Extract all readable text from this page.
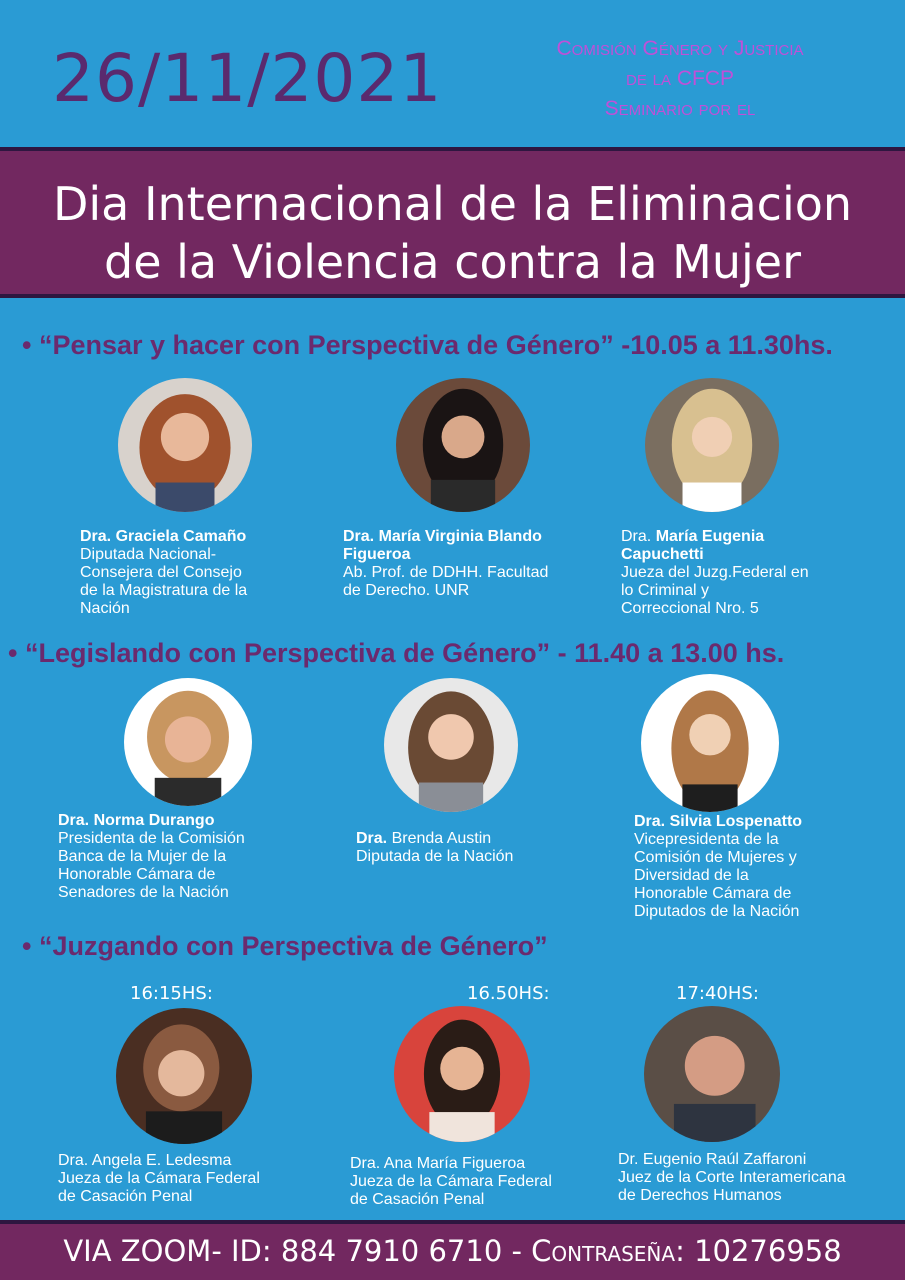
26/11/2021	Comisión Género y Justicia
de la CFCP
Seminario por el
Dia Internacional de la Eliminacion
de la Violencia contra la Mujer
• “Pensar y hacer con Perspectiva de Género” -10.05 a 11.30hs.
Dra. Graciela Camaño
Diputada Nacional-
Consejera del Consejo
de la Magistratura de la
Nación
Dra. María Virginia Blando
Figueroa
Ab. Prof. de DDHH. Facultad
de Derecho. UNR
Dra. María Eugenia
Capuchetti
Jueza del Juzg.Federal en
lo Criminal y
Correccional Nro. 5
• “Legislando con Perspectiva de Género” - 11.40 a 13.00 hs.
Dra. Norma Durango
Presidenta de la Comisión
Banca de la Mujer de la
Honorable Cámara de
Senadores de la Nación
Dra. Brenda Austin
Diputada de la Nación
Dra. Silvia Lospenatto
Vicepresidenta de la
Comisión de Mujeres y
Diversidad de la
Honorable Cámara de
Diputados de la Nación
• “Juzgando con Perspectiva de Género”
16:15HS:	16.50HS:	17:40HS:
Dra. Angela E. Ledesma
Jueza de la Cámara Federal
de Casación Penal
Dra. Ana María Figueroa
Jueza de la Cámara Federal
de Casación Penal
Dr. Eugenio Raúl Zaffaroni
Juez de la Corte Interamericana
de Derechos Humanos
VIA ZOOM- ID: 884 7910 6710 - Contraseña: 10276958
